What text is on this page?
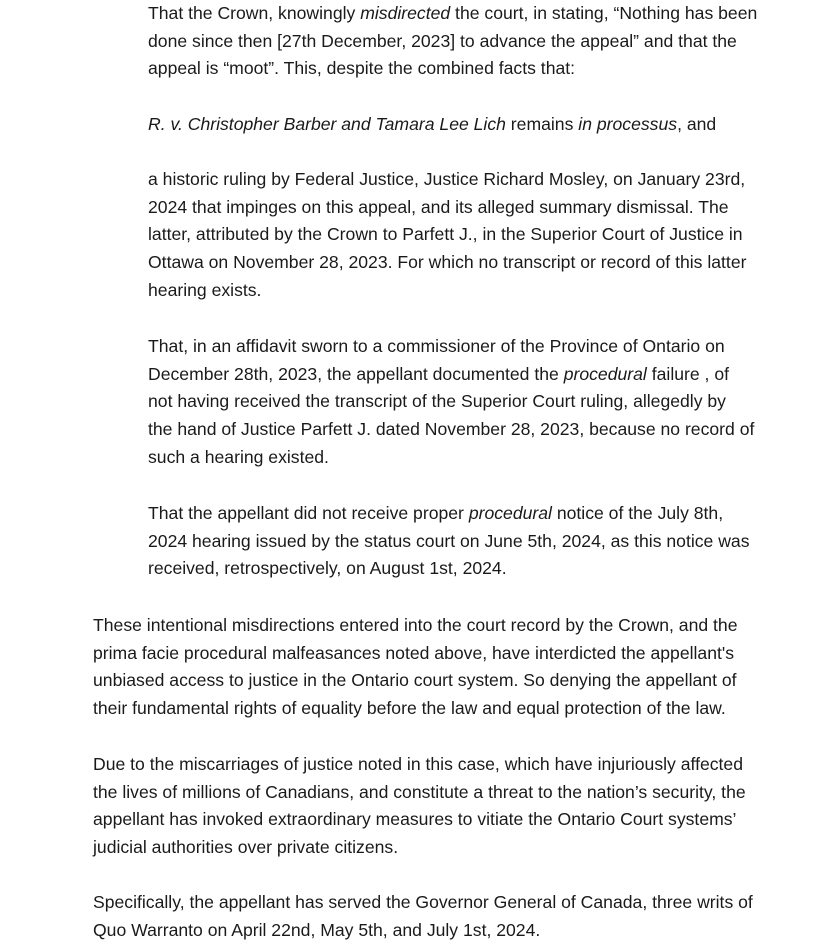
That the Crown, knowingly misdirected the court, in stating, “Nothing has been
done since then [27th December, 2023] to advance the appeal” and that the
appeal is “moot”. This, despite the combined facts that:

R. v. Christopher Barber and Tamara Lee Lich remains in processus, and

a historic ruling by Federal Justice, Justice Richard Mosley, on January 23rd,
2024 that impinges on this appeal, and its alleged summary dismissal. The
latter, attributed by the Crown to Parfett J., in the Superior Court of Justice in
Ottawa on November 28, 2023. For which no transcript or record of this latter
hearing exists.

That, in an affidavit sworn to a commissioner of the Province of Ontario on
December 28th, 2023, the appellant documented the procedural failure , of
not having received the transcript of the Superior Court ruling, allegedly by
the hand of Justice Parfett J. dated November 28, 2023, because no record of
such a hearing existed.

That the appellant did not receive proper procedural notice of the July 8th,
2024 hearing issued by the status court on June 5th, 2024, as this notice was
received, retrospectively, on August 1st, 2024.

These intentional misdirections entered into the court record by the Crown, and the
prima facie procedural malfeasances noted above, have interdicted the appellant's
unbiased access to justice in the Ontario court system. So denying the appellant of
their fundamental rights of equality before the law and equal protection of the law.

Due to the miscarriages of justice noted in this case, which have injuriously affected
the lives of millions of Canadians, and constitute a threat to the nation’s security, the
appellant has invoked extraordinary measures to vitiate the Ontario Court systems’
judicial authorities over private citizens.

Specifically, the appellant has served the Governor General of Canada, three writs of
Quo Warranto on April 22nd, May 5th, and July 1st, 2024.
